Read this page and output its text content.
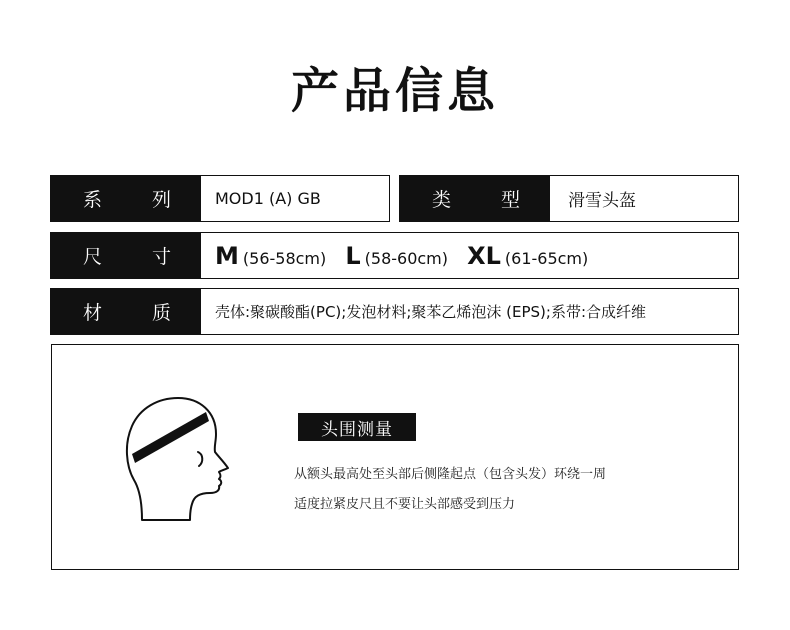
产品信息
系	列	MOD1 (A) GB	类	型	滑雪头盔
尺	寸	M (56-58cm) L (58-60cm) XL (61-65cm)
材	质	壳体:聚碳酸酯(PC);发泡材料;聚苯乙烯泡沫 (EPS);系带:合成纤维
头围测量
从额头最高处至头部后侧隆起点（包含头发）环绕一周
适度拉紧皮尺且不要让头部感受到压力
